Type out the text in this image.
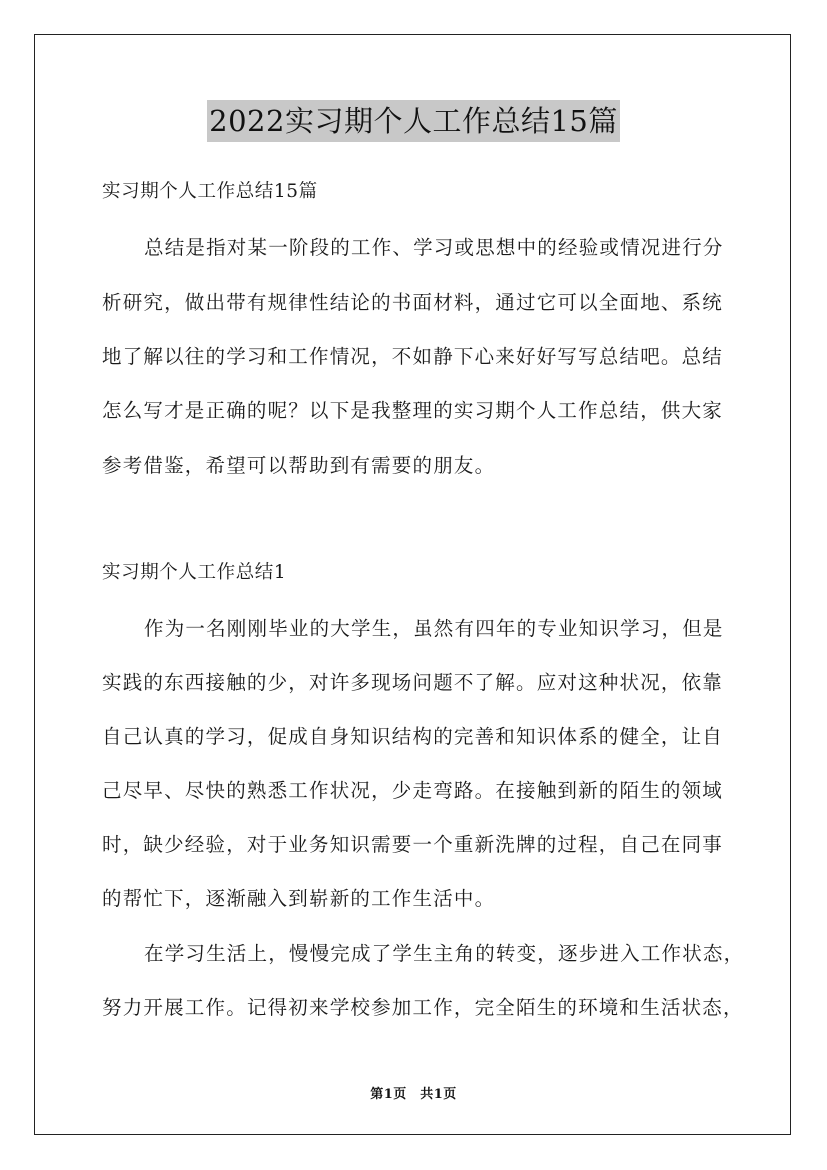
2022实习期个人工作总结15篇
实习期个人工作总结15篇
总结是指对某一阶段的工作、学习或思想中的经验或情况进行分
析研究，做出带有规律性结论的书面材料，通过它可以全面地、系统
地了解以往的学习和工作情况，不如静下心来好好写写总结吧。总结
怎么写才是正确的呢？以下是我整理的实习期个人工作总结，供大家
参考借鉴，希望可以帮助到有需要的朋友。
实习期个人工作总结1
作为一名刚刚毕业的大学生，虽然有四年的专业知识学习，但是
实践的东西接触的少，对许多现场问题不了解。应对这种状况，依靠
自己认真的学习，促成自身知识结构的完善和知识体系的健全，让自
己尽早、尽快的熟悉工作状况，少走弯路。在接触到新的陌生的领域
时，缺少经验，对于业务知识需要一个重新洗牌的过程，自己在同事
的帮忙下，逐渐融入到崭新的工作生活中。
在学习生活上，慢慢完成了学生主角的转变，逐步进入工作状态，
努力开展工作。记得初来学校参加工作，完全陌生的环境和生活状态，
第1页　共1页
